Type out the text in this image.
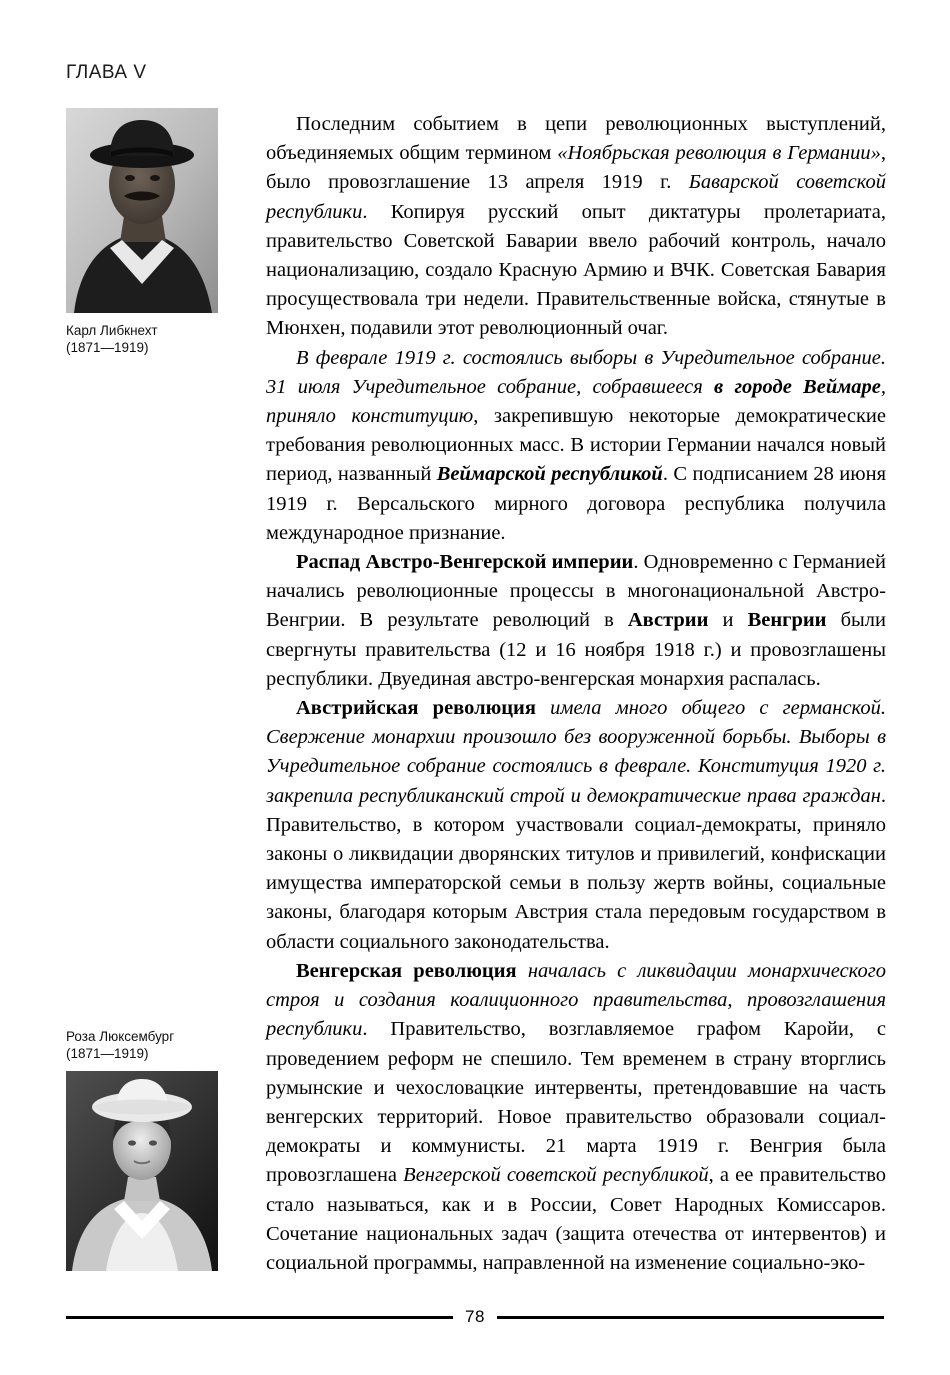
ГЛАВА V
Карл Либкнехт
(1871—1919)
Роза Люксембург
(1871—1919)

Последним событием в цепи революционных выступлений, объединяемых общим термином «Ноябрьская революция в Германии», было провозглашение 13 апреля 1919 г. Баварской советской республики. Копируя русский опыт диктатуры пролетариата, правительство Советской Баварии ввело рабочий контроль, начало национализацию, создало Красную Армию и ВЧК. Советская Бавария просуществовала три недели. Правительственные войска, стянутые в Мюнхен, подавили этот революционный очаг.

В феврале 1919 г. состоялись выборы в Учредительное собрание. 31 июля Учредительное собрание, собравшееся в городе Веймаре, приняло конституцию, закрепившую некоторые демократические требования революционных масс. В истории Германии начался новый период, названный Веймарской республикой. С подписанием 28 июня 1919 г. Версальского мирного договора республика получила международное признание.

Распад Австро-Венгерской империи. Одновременно с Германией начались революционные процессы в многонациональной Австро-Венгрии. В результате революций в Австрии и Венгрии были свергнуты правительства (12 и 16 ноября 1918 г.) и провозглашены республики. Двуединая австро-венгерская монархия распалась.

Австрийская революция имела много общего с германской. Свержение монархии произошло без вооруженной борьбы. Выборы в Учредительное собрание состоялись в феврале. Конституция 1920 г. закрепила республиканский строй и демократические права граждан. Правительство, в котором участвовали социал-демократы, приняло законы о ликвидации дворянских титулов и привилегий, конфискации имущества императорской семьи в пользу жертв войны, социальные законы, благодаря которым Австрия стала передовым государством в области социального законодательства.

Венгерская революция началась с ликвидации монархического строя и создания коалиционного правительства, провозглашения республики. Правительство, возглавляемое графом Каройи, с проведением реформ не спешило. Тем временем в страну вторглись румынские и чехословацкие интервенты, претендовавшие на часть венгерских территорий. Новое правительство образовали социал-демократы и коммунисты. 21 марта 1919 г. Венгрия была провозглашена Венгерской советской республикой, а ее правительство стало называться, как и в России, Совет Народных Комиссаров. Сочетание национальных задач (защита отечества от интервентов) и социальной программы, направленной на изменение социально-эко-

78
